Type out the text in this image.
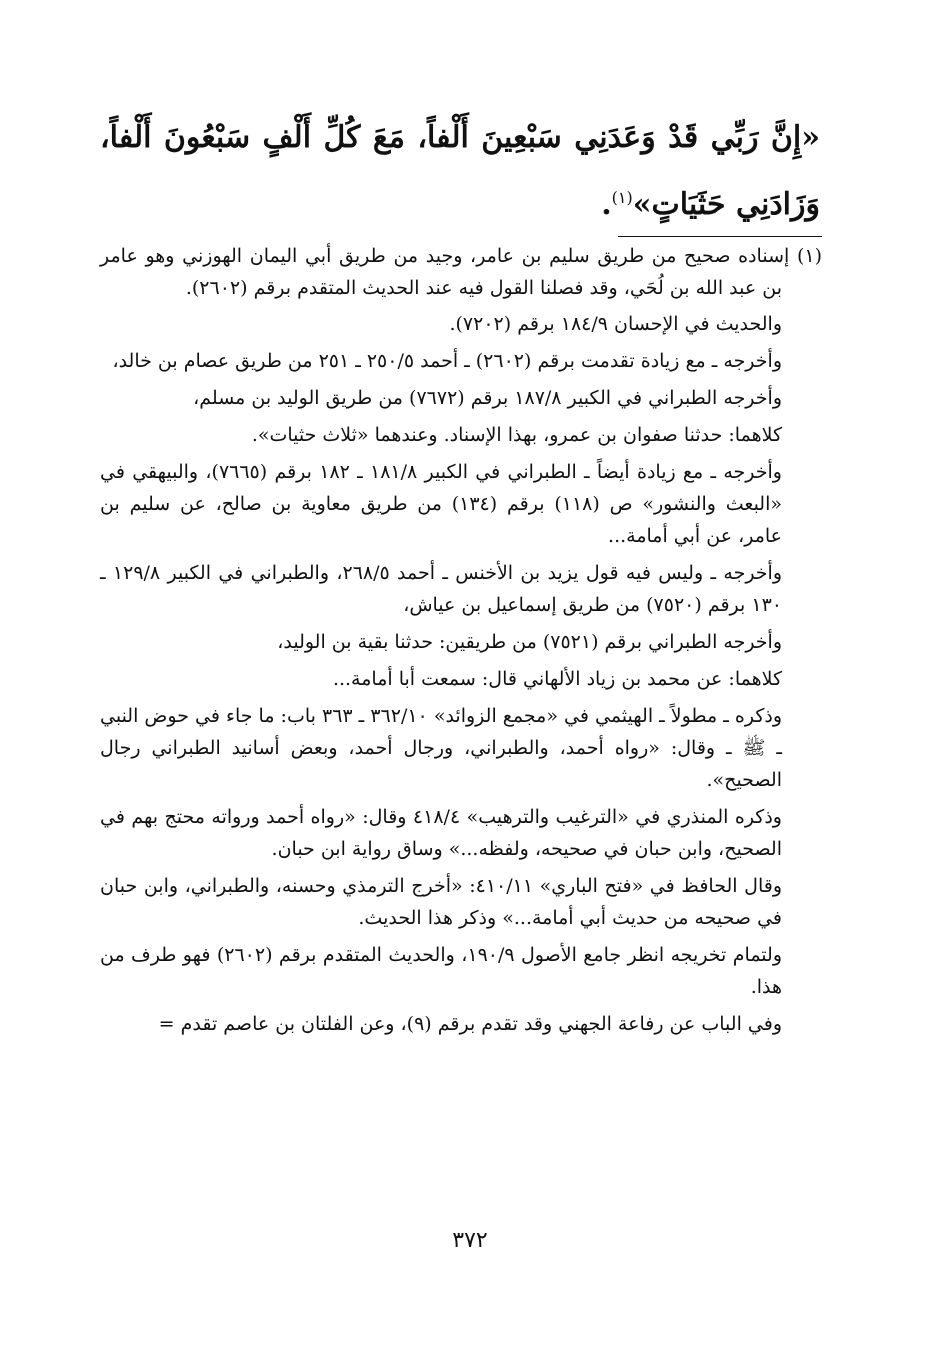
«إِنَّ رَبِّي قَدْ وَعَدَنِي سَبْعِينَ أَلْفاً، مَعَ كُلِّ أَلْفٍ سَبْعُونَ أَلْفاً، وَزَادَنِي حَثَيَاتٍ»$^{(١)}$.

(١) إسناده صحيح من طريق سليم بن عامر، وجيد من طريق أبي اليمان الهوزني وهو عامر بن عبد الله بن لُحَي، وقد فصلنا القول فيه عند الحديث المتقدم برقم (٢٦٠٢).

والحديث في الإحسان ١٨٤/٩ برقم (٧٢٠٢).

وأخرجه ـ مع زيادة تقدمت برقم (٢٦٠٢) ـ أحمد ٢٥٠/٥ ـ ٢٥١ من طريق عصام بن خالد،

وأخرجه الطبراني في الكبير ١٨٧/٨ برقم (٧٦٧٢) من طريق الوليد بن مسلم،

كلاهما: حدثنا صفوان بن عمرو، بهذا الإسناد. وعندهما «ثلاث حثيات».

وأخرجه ـ مع زيادة أيضاً ـ الطبراني في الكبير ١٨١/٨ ـ ١٨٢ برقم (٧٦٦٥)، والبيهقي في «البعث والنشور» ص (١١٨) برقم (١٣٤) من طريق معاوية بن صالح، عن سليم بن عامر، عن أبي أمامة...

وأخرجه ـ وليس فيه قول يزيد بن الأخنس ـ أحمد ٢٦٨/٥، والطبراني في الكبير ١٢٩/٨ ـ ١٣٠ برقم (٧٥٢٠) من طريق إسماعيل بن عياش،

وأخرجه الطبراني برقم (٧٥٢١) من طريقين: حدثنا بقية بن الوليد،

كلاهما: عن محمد بن زياد الألهاني قال: سمعت أبا أمامة...

وذكره ـ مطولاً ـ الهيثمي في «مجمع الزوائد» ٣٦٢/١٠ ـ ٣٦٣ باب: ما جاء في حوض النبي ـ ﷺ ـ وقال: «رواه أحمد، والطبراني، ورجال أحمد، وبعض أسانيد الطبراني رجال الصحيح».

وذكره المنذري في «الترغيب والترهيب» ٤١٨/٤ وقال: «رواه أحمد ورواته محتج بهم في الصحيح، وابن حبان في صحيحه، ولفظه...» وساق رواية ابن حبان.

وقال الحافظ في «فتح الباري» ٤١٠/١١: «أخرج الترمذي وحسنه، والطبراني، وابن حبان في صحيحه من حديث أبي أمامة...» وذكر هذا الحديث.

ولتمام تخريجه انظر جامع الأصول ١٩٠/٩، والحديث المتقدم برقم (٢٦٠٢) فهو طرف من هذا.

وفي الباب عن رفاعة الجهني وقد تقدم برقم (٩)، وعن الفلتان بن عاصم تقدم =

٣٧٢
